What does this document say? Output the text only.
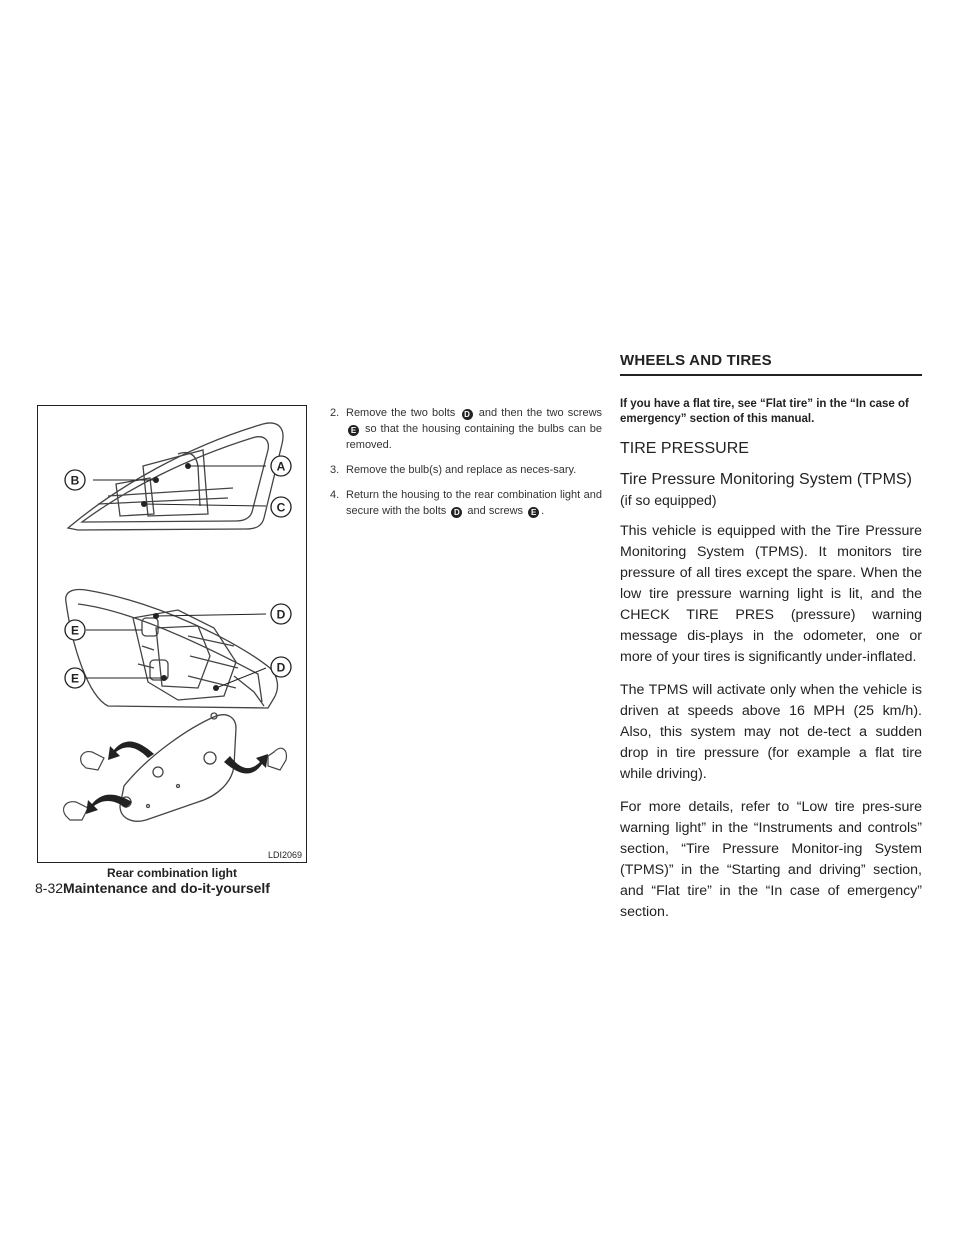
WHEELS AND TIRES
A
B
C
D
E
D
E
LDI2069
Rear combination light
8-32Maintenance and do-it-yourself
2. Remove the two bolts D and then the two screws E so that the housing containing the bulbs can be removed.
3. Remove the bulb(s) and replace as neces-sary.
4. Return the housing to the rear combination light and secure with the bolts D and screws E .

If you have a flat tire, see “Flat tire” in the “In case of emergency” section of this manual.

TIRE PRESSURE
Tire Pressure Monitoring System (TPMS) (if so equipped)

This vehicle is equipped with the Tire Pressure Monitoring System (TPMS). It monitors tire pressure of all tires except the spare. When the low tire pressure warning light is lit, and the CHECK TIRE PRES (pressure) warning message dis-plays in the odometer, one or more of your tires is significantly under-inflated.

The TPMS will activate only when the vehicle is driven at speeds above 16 MPH (25 km/h). Also, this system may not de-tect a sudden drop in tire pressure (for example a flat tire while driving).

For more details, refer to “Low tire pres-sure warning light” in the “Instruments and controls” section, “Tire Pressure Monitor-ing System (TPMS)” in the “Starting and driving” section, and “Flat tire” in the “In case of emergency” section.
